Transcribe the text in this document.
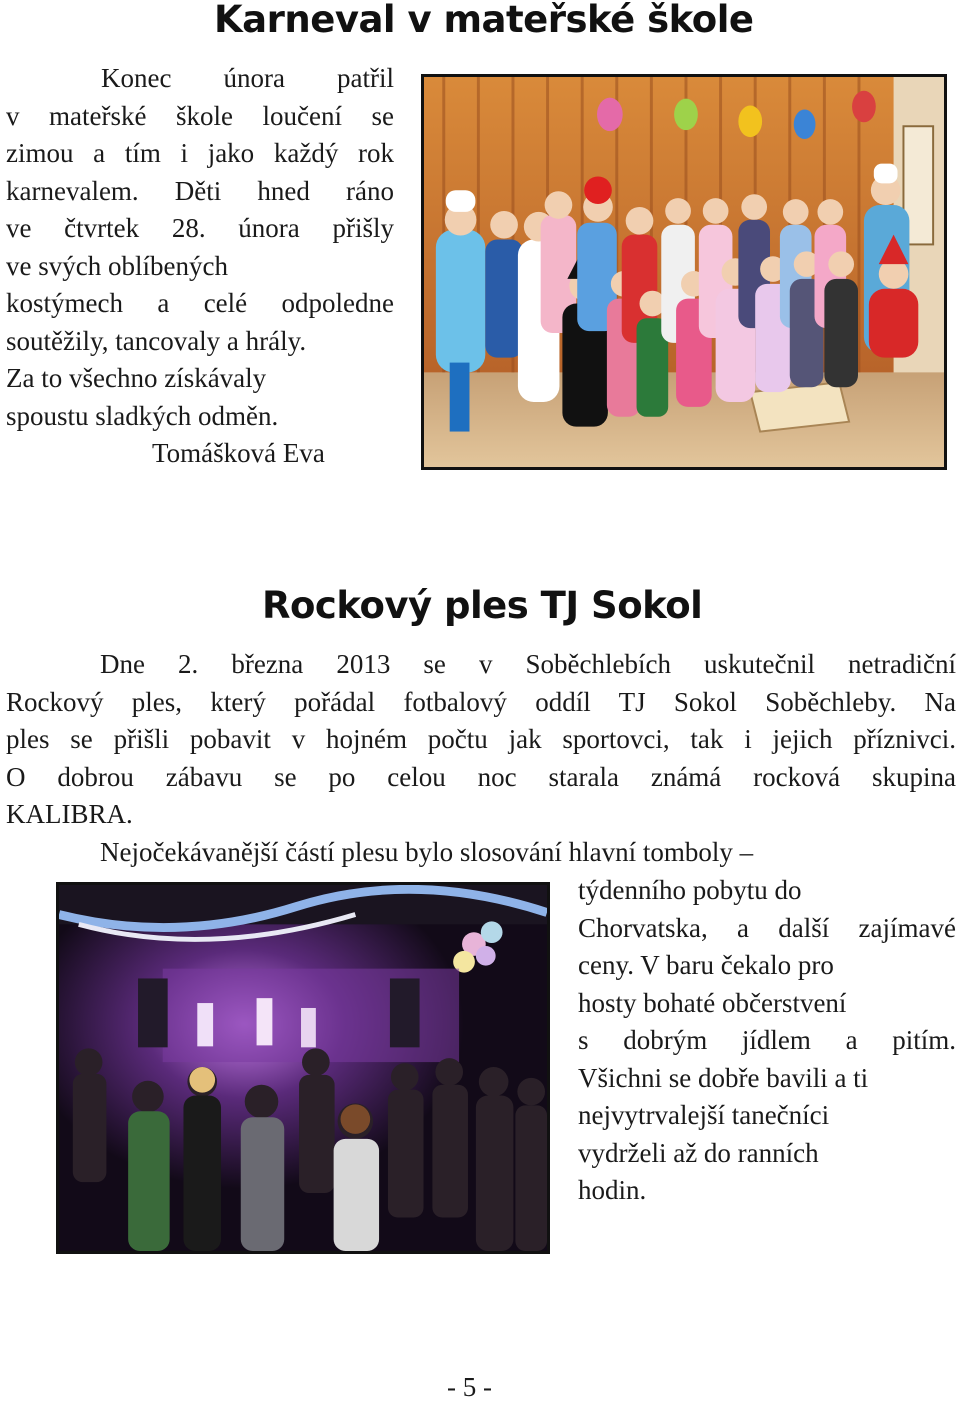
Karneval v mateřské škole
Konec února patřil
v mateřské škole loučení se
zimou a tím i jako každý rok
karnevalem. Děti hned ráno
ve čtvrtek 28. února přišly
ve svých oblíbených
kostýmech a celé odpoledne
soutěžily, tancovaly a hrály.
Za to všechno získávaly
spoustu sladkých odměn.
Tomášková Eva
Rockový ples TJ Sokol
Dne 2. března 2013 se v Soběchlebích uskutečnil netradiční
Rockový ples, který pořádal fotbalový oddíl TJ Sokol Soběchleby. Na
ples se přišli pobavit v hojném počtu jak sportovci, tak i jejich příznivci.
O dobrou zábavu se po celou noc starala známá rocková skupina
KALIBRA.
Nejočekávanější částí plesu bylo slosování hlavní tomboly –
týdenního pobytu do
Chorvatska, a další zajímavé
ceny. V baru čekalo pro
hosty bohaté občerstvení
s dobrým jídlem a pitím.
Všichni se dobře bavili a ti
nejvytrvalejší tanečníci
vydrželi až do ranních
hodin.
- 5 -
